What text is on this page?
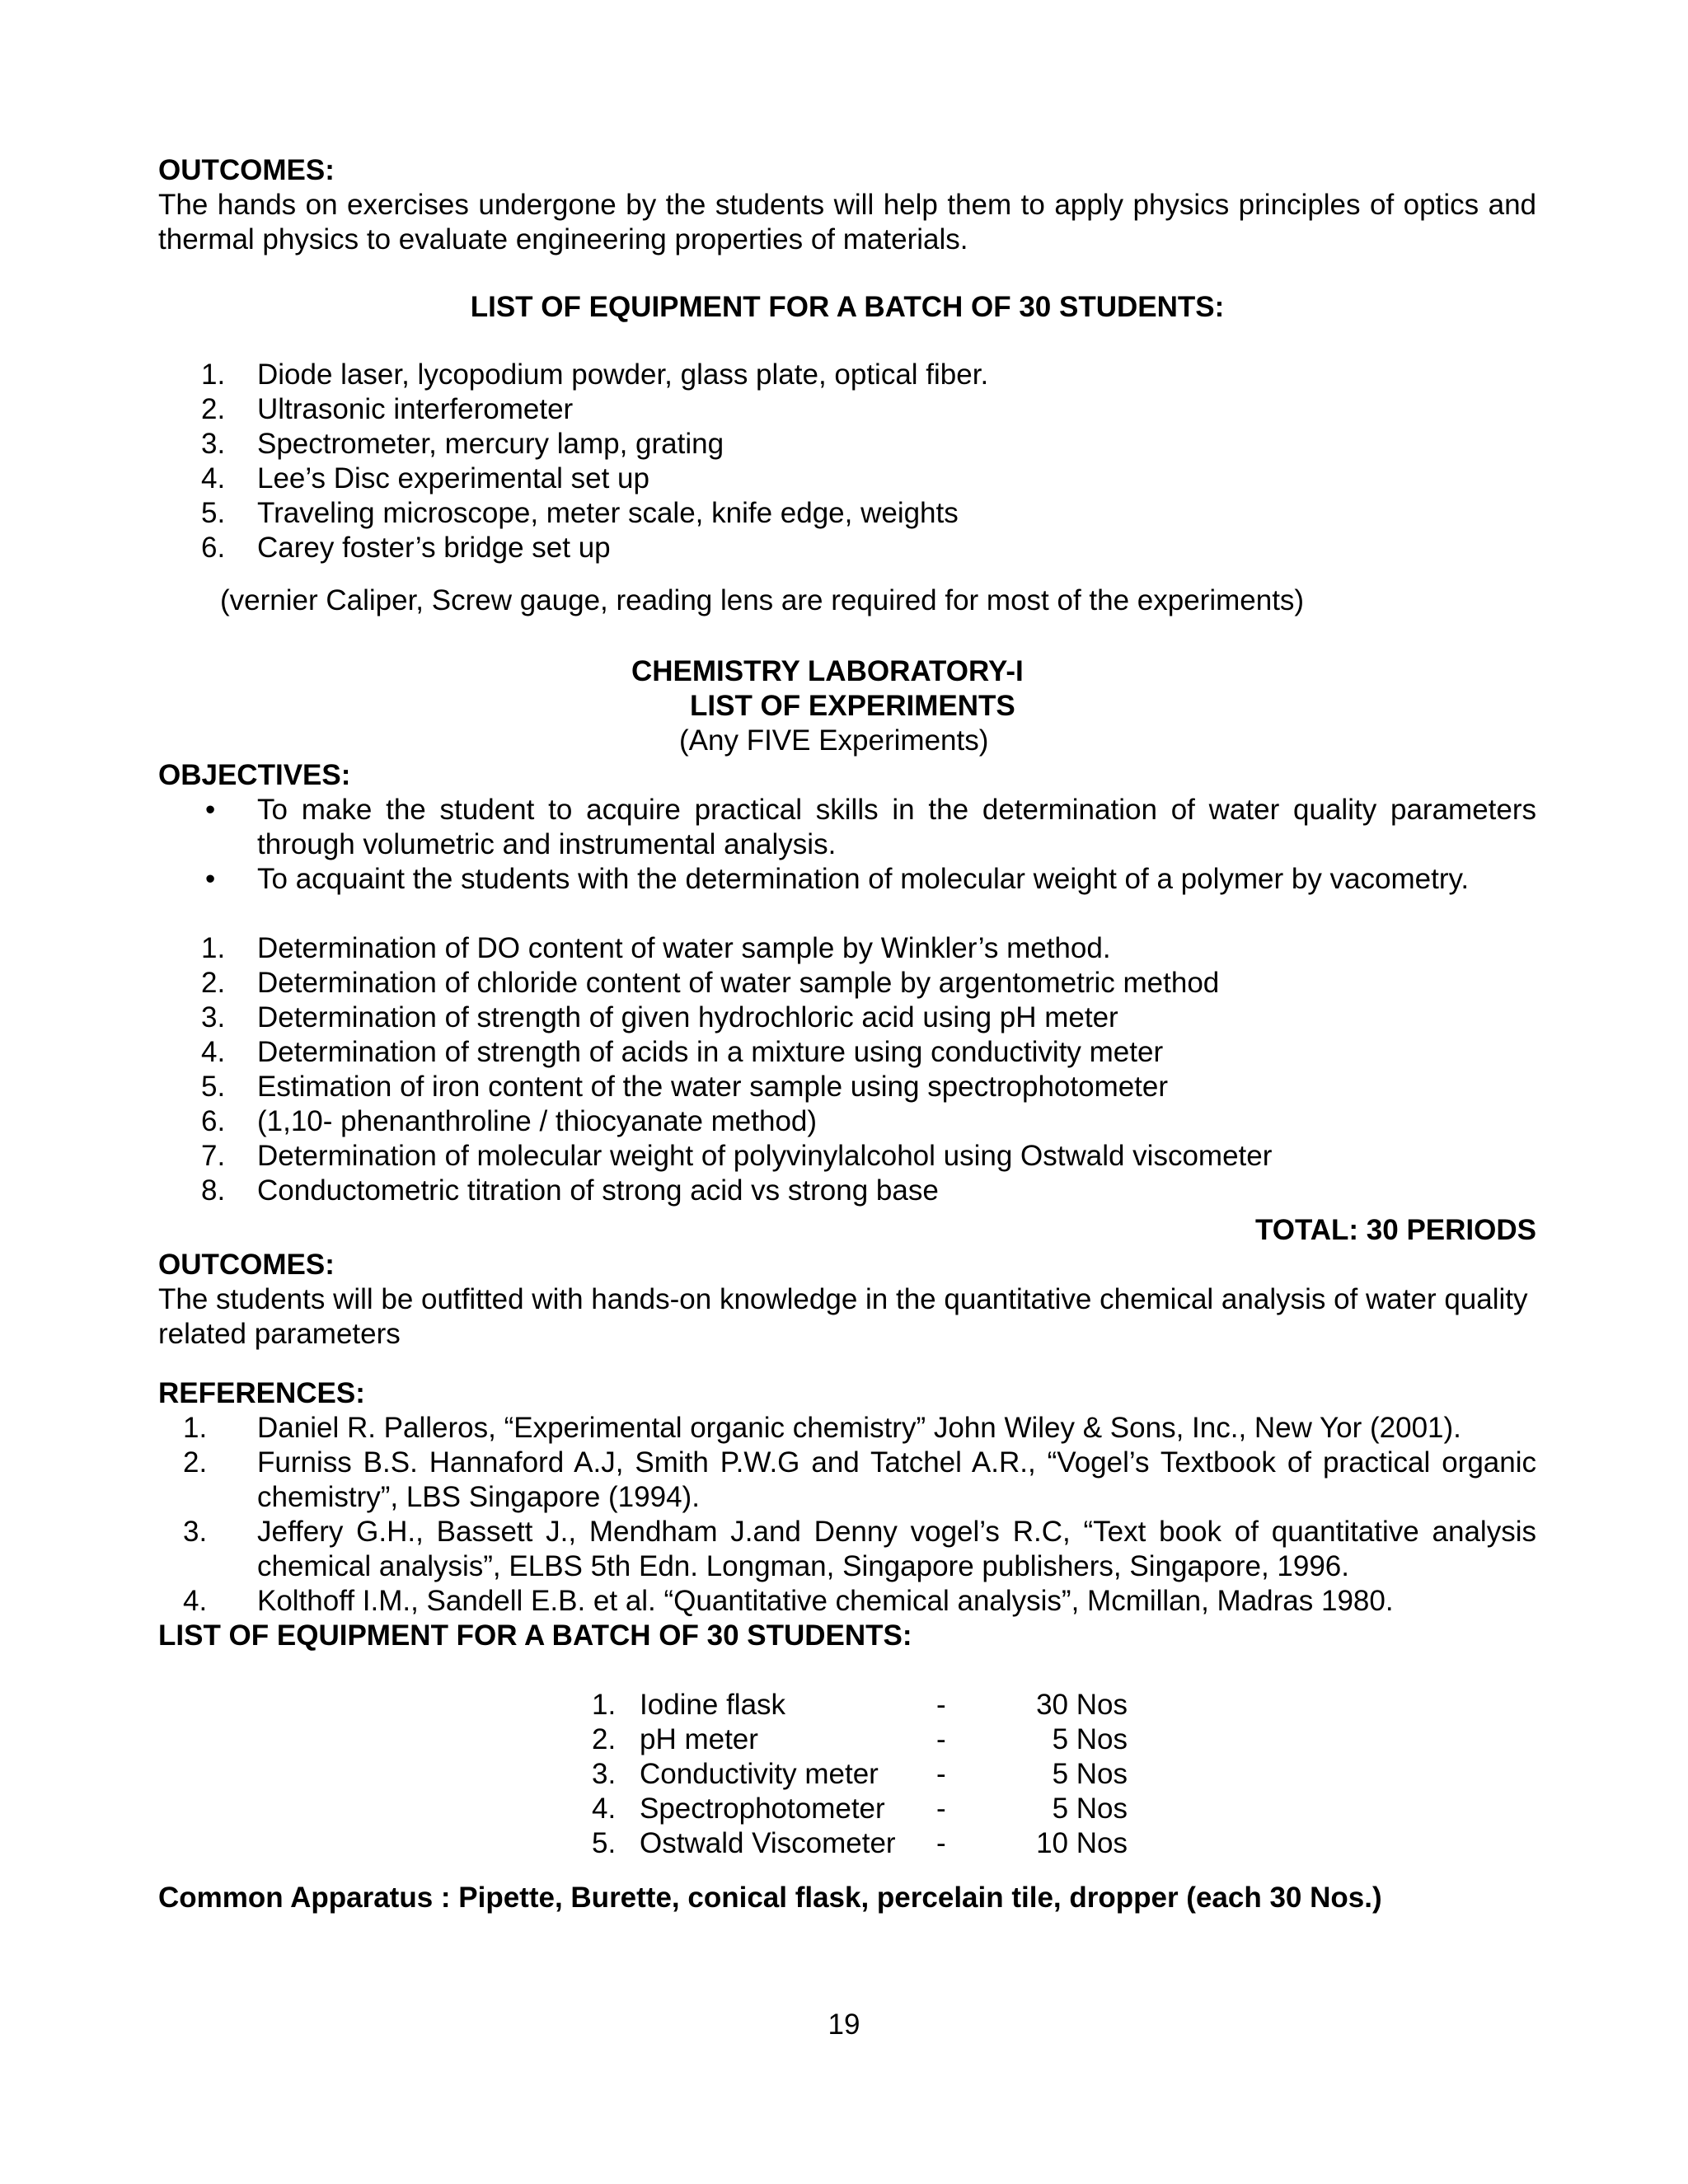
OUTCOMES:

The hands on exercises undergone by the students will help them to apply physics principles of optics and thermal physics to evaluate engineering properties of materials.

LIST OF EQUIPMENT FOR A BATCH OF 30 STUDENTS:

1.	Diode laser, lycopodium powder, glass plate, optical fiber.
2.	Ultrasonic interferometer
3.	Spectrometer, mercury lamp, grating
4.	Lee’s Disc experimental set up
5.	Traveling microscope, meter scale, knife edge, weights
6.	Carey foster’s bridge set up

(vernier Caliper, Screw gauge, reading lens are required for most of the experiments)

CHEMISTRY LABORATORY-I

LIST OF EXPERIMENTS

(Any FIVE Experiments)

OBJECTIVES:

• To make the student to acquire practical skills in the determination of water quality parameters through volumetric and instrumental analysis.
• To acquaint the students with the determination of molecular weight of a polymer by vacometry.
1.	Determination of DO content of water sample by Winkler’s method.
2.	Determination of chloride content of water sample by argentometric method
3.	Determination of strength of given hydrochloric acid using pH meter
4.	Determination of strength of acids in a mixture using conductivity meter
5.	Estimation of iron content of the water sample using spectrophotometer
6.	(1,10- phenanthroline / thiocyanate method)
7.	Determination of molecular weight of polyvinylalcohol using Ostwald viscometer
8.	Conductometric titration of strong acid vs strong base

TOTAL: 30 PERIODS

OUTCOMES:

The students will be outfitted with hands-on knowledge in the quantitative chemical analysis of water quality related parameters

REFERENCES:

1.	Daniel R. Palleros, “Experimental organic chemistry” John Wiley & Sons, Inc., New Yor (2001).
2.	Furniss B.S. Hannaford A.J, Smith P.W.G and Tatchel A.R., “Vogel’s Textbook of practical organic chemistry”, LBS Singapore (1994).
3.	Jeffery G.H., Bassett J., Mendham J.and Denny vogel’s R.C, “Text book of quantitative analysis chemical analysis”, ELBS 5th Edn. Longman, Singapore publishers, Singapore, 1996.
4.	Kolthoff I.M., Sandell E.B. et al. “Quantitative chemical analysis”, Mcmillan, Madras 1980.

LIST OF EQUIPMENT FOR A BATCH OF 30 STUDENTS:

1. Iodine flask	-	30 Nos
2. pH meter	-	5 Nos
3. Conductivity meter -	5 Nos
4. Spectrophotometer -	5 Nos
5. Ostwald Viscometer -	10 Nos

Common Apparatus : Pipette, Burette, conical flask, percelain tile, dropper (each 30 Nos.)

19
